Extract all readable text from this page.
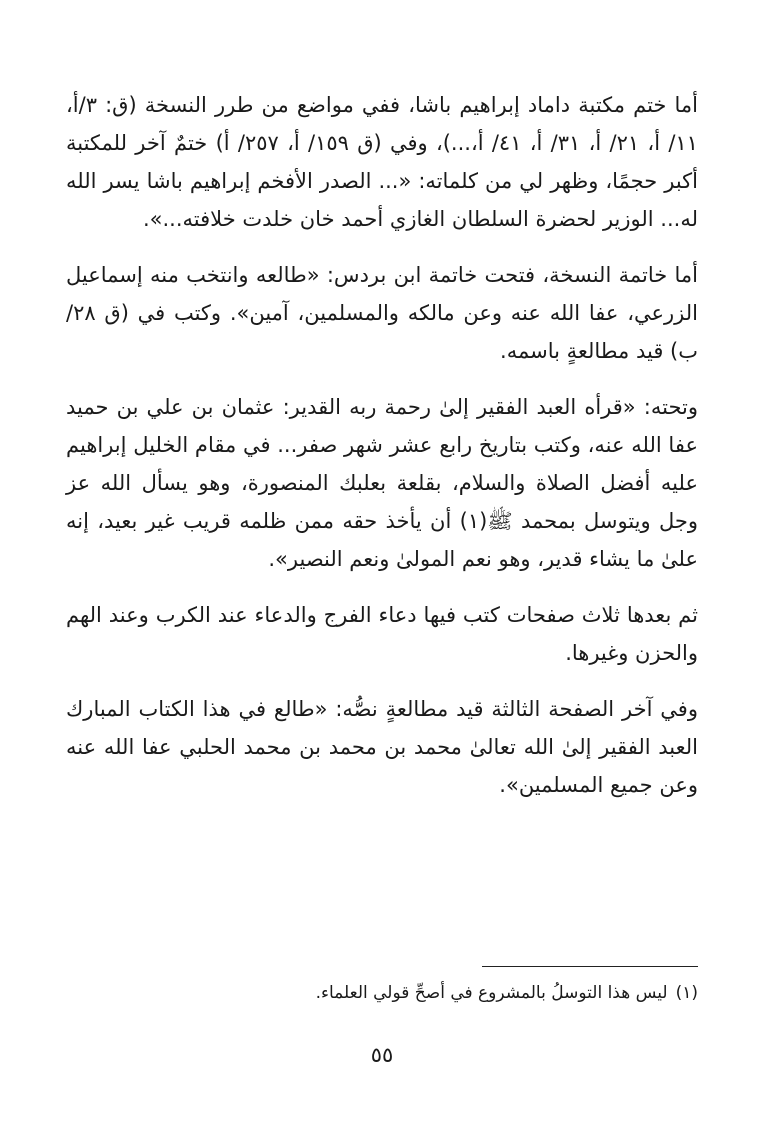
أما ختم مكتبة داماد إبراهيم باشا، ففي مواضع من طرر النسخة (ق: ٣/أ، ١١/ أ، ٢١/ أ، ٣١/ أ، ٤١/ أ،...)، وفي (ق ١٥٩/ أ، ٢٥٧/ أ) ختمٌ آخر للمكتبة أكبر حجمًا، وظهر لي من كلماته: «... الصدر الأفخم إبراهيم باشا يسر الله له... الوزير لحضرة السلطان الغازي أحمد خان خلدت خلافته...».

أما خاتمة النسخة، فتحت خاتمة ابن بردس: «طالعه وانتخب منه إسماعيل الزرعي، عفا الله عنه وعن مالكه والمسلمين، آمين». وكتب في (ق ٢٨/ ب) قيد مطالعةٍ باسمه.

وتحته: «قرأه العبد الفقير إلىٰ رحمة ربه القدير: عثمان بن علي بن حميد عفا الله عنه، وكتب بتاريخ رابع عشر شهر صفر... في مقام الخليل إبراهيم عليه أفضل الصلاة والسلام، بقلعة بعلبك المنصورة، وهو يسأل الله عز وجل ويتوسل بمحمد ﷺ(١) أن يأخذ حقه ممن ظلمه قريب غير بعيد، إنه علىٰ ما يشاء قدير، وهو نعم المولىٰ ونعم النصير».

ثم بعدها ثلاث صفحات كتب فيها دعاء الفرج والدعاء عند الكرب وعند الهم والحزن وغيرها.

وفي آخر الصفحة الثالثة قيد مطالعةٍ نصُّه: «طالع في هذا الكتاب المبارك العبد الفقير إلىٰ الله تعالىٰ محمد بن محمد بن محمد الحلبي عفا الله عنه وعن جميع المسلمين».

(١)ليس هذا التوسلُ بالمشروع في أصحِّ قولي العلماء.
٥٥
